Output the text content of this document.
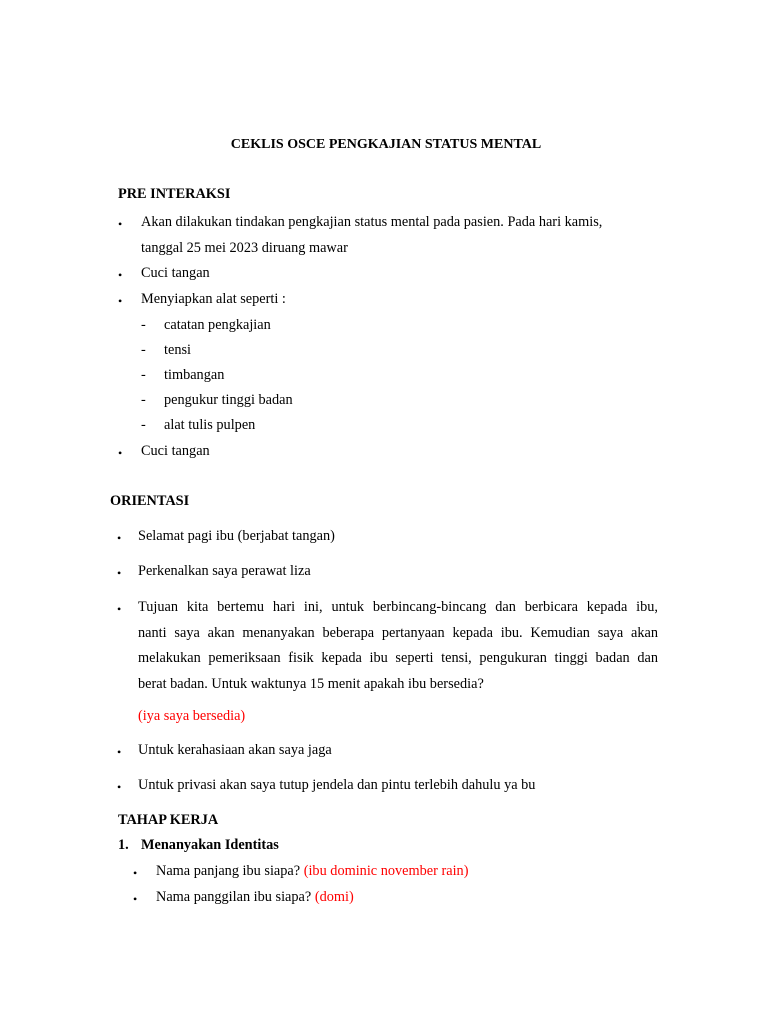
CEKLIS OSCE PENGKAJIAN STATUS MENTAL
PRE INTERAKSI
• Akan dilakukan tindakan pengkajian status mental pada pasien. Pada hari kamis,
tanggal 25 mei 2023 diruang mawar
• Cuci tangan
• Menyiapkan alat seperti :
- catatan pengkajian
- tensi
- timbangan
- pengukur tinggi badan
- alat tulis pulpen
• Cuci tangan
ORIENTASI
• Selamat pagi ibu (berjabat tangan)
• Perkenalkan saya perawat liza
• Tujuan kita bertemu hari ini, untuk berbincang-bincang dan berbicara kepada ibu,
nanti saya akan menanyakan beberapa pertanyaan kepada ibu. Kemudian saya akan
melakukan pemeriksaan fisik kepada ibu seperti tensi, pengukuran tinggi badan dan
berat badan. Untuk waktunya 15 menit apakah ibu bersedia?
(iya saya bersedia)
• Untuk kerahasiaan akan saya jaga
• Untuk privasi akan saya tutup jendela dan pintu terlebih dahulu ya bu
TAHAP KERJA
1. Menanyakan Identitas
• Nama panjang ibu siapa? (ibu dominic november rain)
• Nama panggilan ibu siapa? (domi)
